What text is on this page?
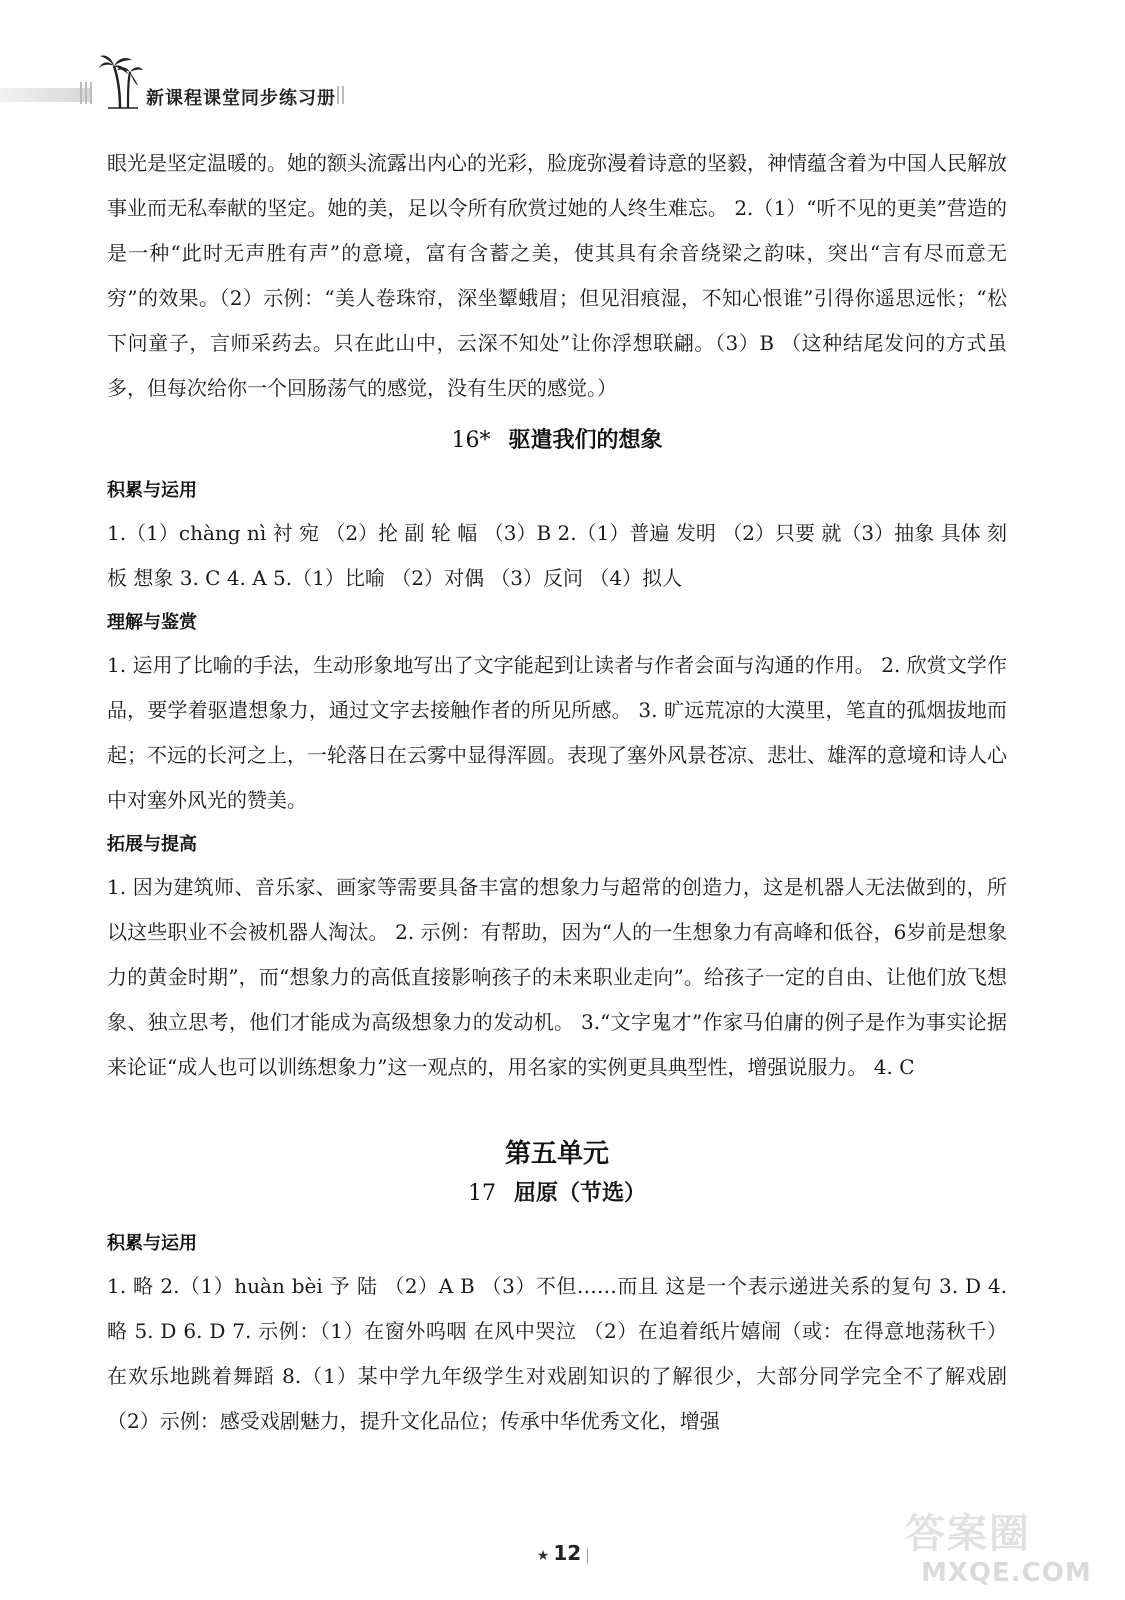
新课程课堂同步练习册

眼光是坚定温暖的。她的额头流露出内心的光彩，脸庞弥漫着诗意的坚毅，神情蕴含着为中国人民解放事业而无私奉献的坚定。她的美，足以令所有欣赏过她的人终生难忘。 2.（1）“听不见的更美”营造的是一种“此时无声胜有声”的意境，富有含蓄之美，使其具有余音绕梁之韵味，突出“言有尽而意无穷”的效果。（2）示例：“美人卷珠帘，深坐颦蛾眉；但见泪痕湿，不知心恨谁”引得你遥思远怅；“松下问童子，言师采药去。只在此山中，云深不知处”让你浮想联翩。（3）B （这种结尾发问的方式虽多，但每次给你一个回肠荡气的感觉，没有生厌的感觉。）

16* 驱遣我们的想象
积累与运用

1.（1）chàng nì 衬 宛 （2）抡 副 轮 幅 （3）B 2.（1）普遍 发明 （2）只要 就（3）抽象 具体 刻板 想象 3. C 4. A 5.（1）比喻 （2）对偶 （3）反问 （4）拟人

理解与鉴赏

1. 运用了比喻的手法，生动形象地写出了文字能起到让读者与作者会面与沟通的作用。 2. 欣赏文学作品，要学着驱遣想象力，通过文字去接触作者的所见所感。 3. 旷远荒凉的大漠里，笔直的孤烟拔地而起；不远的长河之上，一轮落日在云雾中显得浑圆。表现了塞外风景苍凉、悲壮、雄浑的意境和诗人心中对塞外风光的赞美。

拓展与提高

1. 因为建筑师、音乐家、画家等需要具备丰富的想象力与超常的创造力，这是机器人无法做到的，所以这些职业不会被机器人淘汰。 2. 示例：有帮助，因为“人的一生想象力有高峰和低谷，6岁前是想象力的黄金时期”，而“想象力的高低直接影响孩子的未来职业走向”。给孩子一定的自由、让他们放飞想象、独立思考，他们才能成为高级想象力的发动机。 3.“文字鬼才”作家马伯庸的例子是作为事实论据来论证“成人也可以训练想象力”这一观点的，用名家的实例更具典型性，增强说服力。 4. C

第五单元
17 屈原（节选）
积累与运用

1. 略 2.（1）huàn bèi 予 陆 （2）A B （3）不但……而且 这是一个表示递进关系的复句 3. D 4. 略 5. D 6. D 7. 示例：（1）在窗外呜咽 在风中哭泣 （2）在追着纸片嬉闹（或：在得意地荡秋千） 在欢乐地跳着舞蹈 8.（1）某中学九年级学生对戏剧知识的了解很少，大部分同学完全不了解戏剧 （2）示例：感受戏剧魅力，提升文化品位；传承中华优秀文化，增强

★ 12	答案圈
MXQE.COM
